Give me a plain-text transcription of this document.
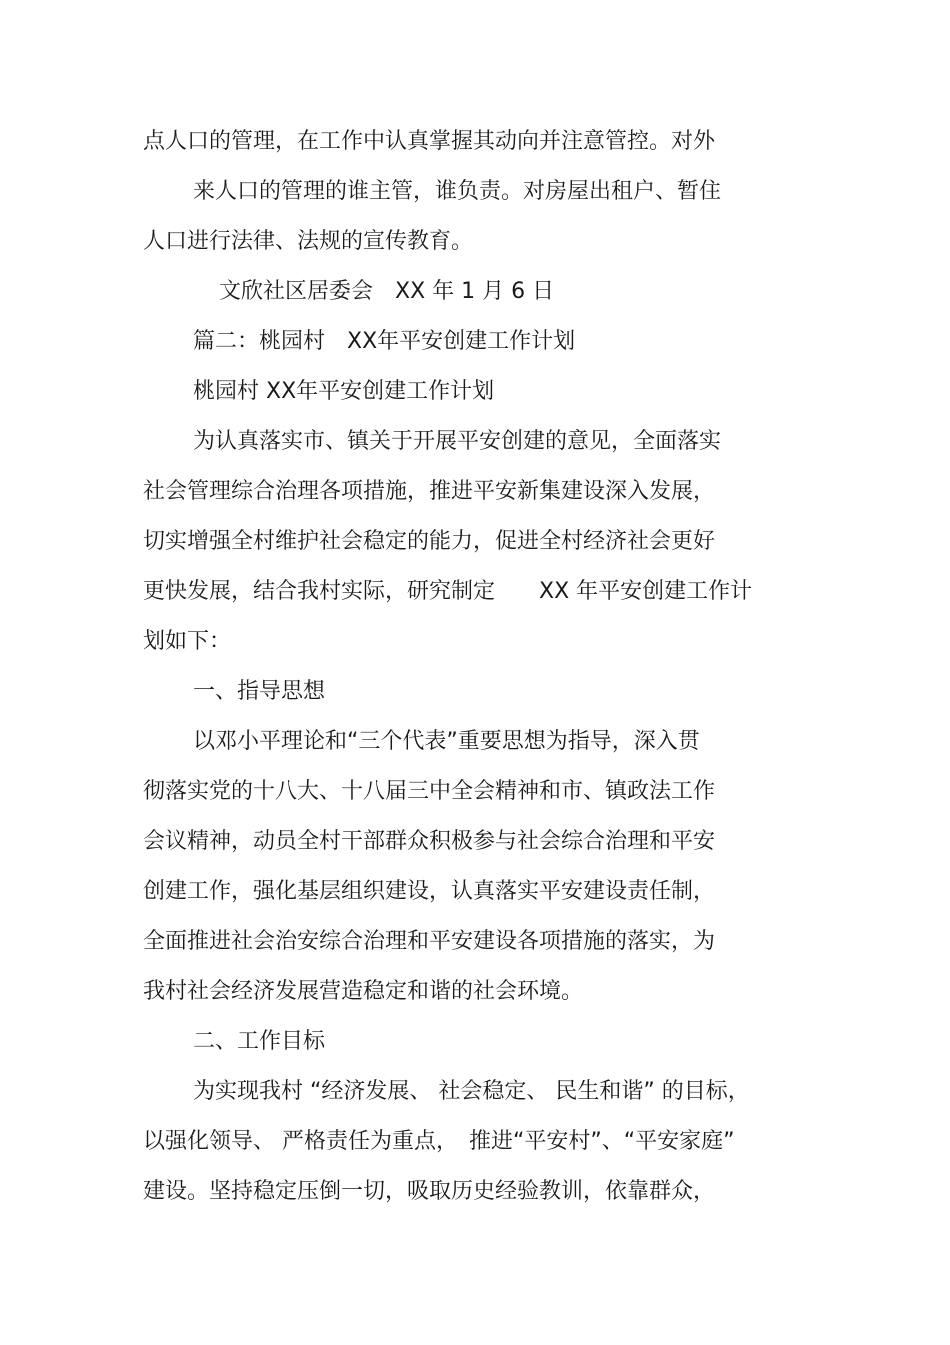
点人口的管理，在工作中认真掌握其动向并注意管控。对外

来人口的管理的谁主管，谁负责。对房屋出租户、暂住

人口进行法律、法规的宣传教育。

文欣社区居委会　XX 年 1 月 6 日

篇二：桃园村　XX年平安创建工作计划

桃园村 XX年平安创建工作计划

为认真落实市、镇关于开展平安创建的意见，全面落实

社会管理综合治理各项措施，推进平安新集建设深入发展，

切实增强全村维护社会稳定的能力，促进全村经济社会更好

更快发展，结合我村实际，研究制定　　XX 年平安创建工作计

划如下：

一、指导思想

以邓小平理论和“三个代表”重要思想为指导，深入贯

彻落实党的十八大、十八届三中全会精神和市、镇政法工作

会议精神，动员全村干部群众积极参与社会综合治理和平安

创建工作，强化基层组织建设，认真落实平安建设责任制，

全面推进社会治安综合治理和平安建设各项措施的落实，为

我村社会经济发展营造稳定和谐的社会环境。

二、工作目标

为实现我村 “经济发展、 社会稳定、 民生和谐” 的目标，

以强化领导、 严格责任为重点，　推进“平安村”、“平安家庭”

建设。坚持稳定压倒一切，吸取历史经验教训，依靠群众，
